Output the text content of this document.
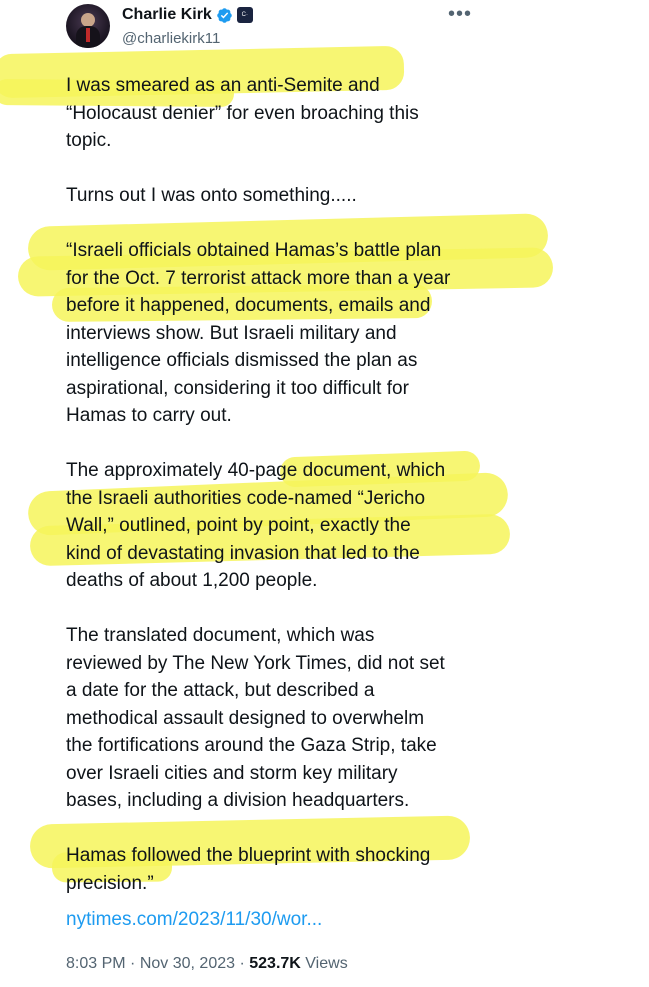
Charlie Kirk	C·
@charliekirk11
•••

I was smeared as an anti-Semite and
“Holocaust denier” for even broaching this
topic.

Turns out I was onto something.....

“Israeli officials obtained Hamas’s battle plan
for the Oct. 7 terrorist attack more than a year
before it happened, documents, emails and
interviews show. But Israeli military and
intelligence officials dismissed the plan as
aspirational, considering it too difficult for
Hamas to carry out.

The approximately 40-page document, which
the Israeli authorities code-named “Jericho
Wall,” outlined, point by point, exactly the
kind of devastating invasion that led to the
deaths of about 1,200 people.

The translated document, which was
reviewed by The New York Times, did not set
a date for the attack, but described a
methodical assault designed to overwhelm
the fortifications around the Gaza Strip, take
over Israeli cities and storm key military
bases, including a division headquarters.

Hamas followed the blueprint with shocking
precision.”

nytimes.com/2023/11/30/wor...
8:03 PM · Nov 30, 2023 · 523.7K Views
